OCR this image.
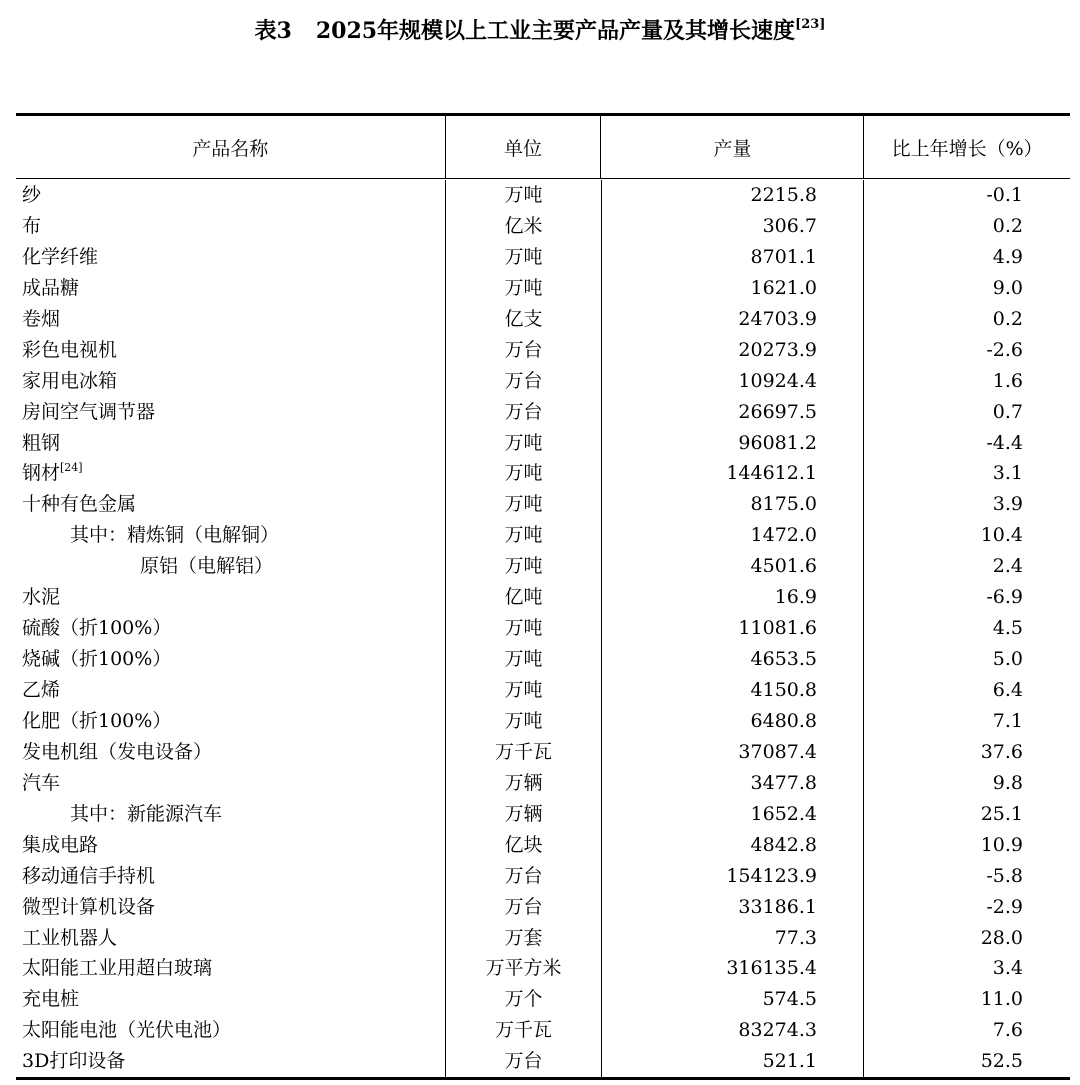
表3 2025年规模以上工业主要产品产量及其增长速度[23]
产品名称	单位	产量	比上年增长（%）
纱	万吨	2215.8	-0.1
布	亿米	306.7	0.2
化学纤维	万吨	8701.1	4.9
成品糖	万吨	1621.0	9.0
卷烟	亿支	24703.9	0.2
彩色电视机	万台	20273.9	-2.6
家用电冰箱	万台	10924.4	1.6
房间空气调节器	万台	26697.5	0.7
粗钢	万吨	96081.2	-4.4
钢材[24]	万吨	144612.1	3.1
十种有色金属	万吨	8175.0	3.9
其中：精炼铜（电解铜）	万吨	1472.0	10.4
原铝（电解铝）	万吨	4501.6	2.4
水泥	亿吨	16.9	-6.9
硫酸（折100%）	万吨	11081.6	4.5
烧碱（折100%）	万吨	4653.5	5.0
乙烯	万吨	4150.8	6.4
化肥（折100%）	万吨	6480.8	7.1
发电机组（发电设备）	万千瓦	37087.4	37.6
汽车	万辆	3477.8	9.8
其中：新能源汽车	万辆	1652.4	25.1
集成电路	亿块	4842.8	10.9
移动通信手持机	万台	154123.9	-5.8
微型计算机设备	万台	33186.1	-2.9
工业机器人	万套	77.3	28.0
太阳能工业用超白玻璃	万平方米	316135.4	3.4
充电桩	万个	574.5	11.0
太阳能电池（光伏电池）	万千瓦	83274.3	7.6
3D打印设备	万台	521.1	52.5
